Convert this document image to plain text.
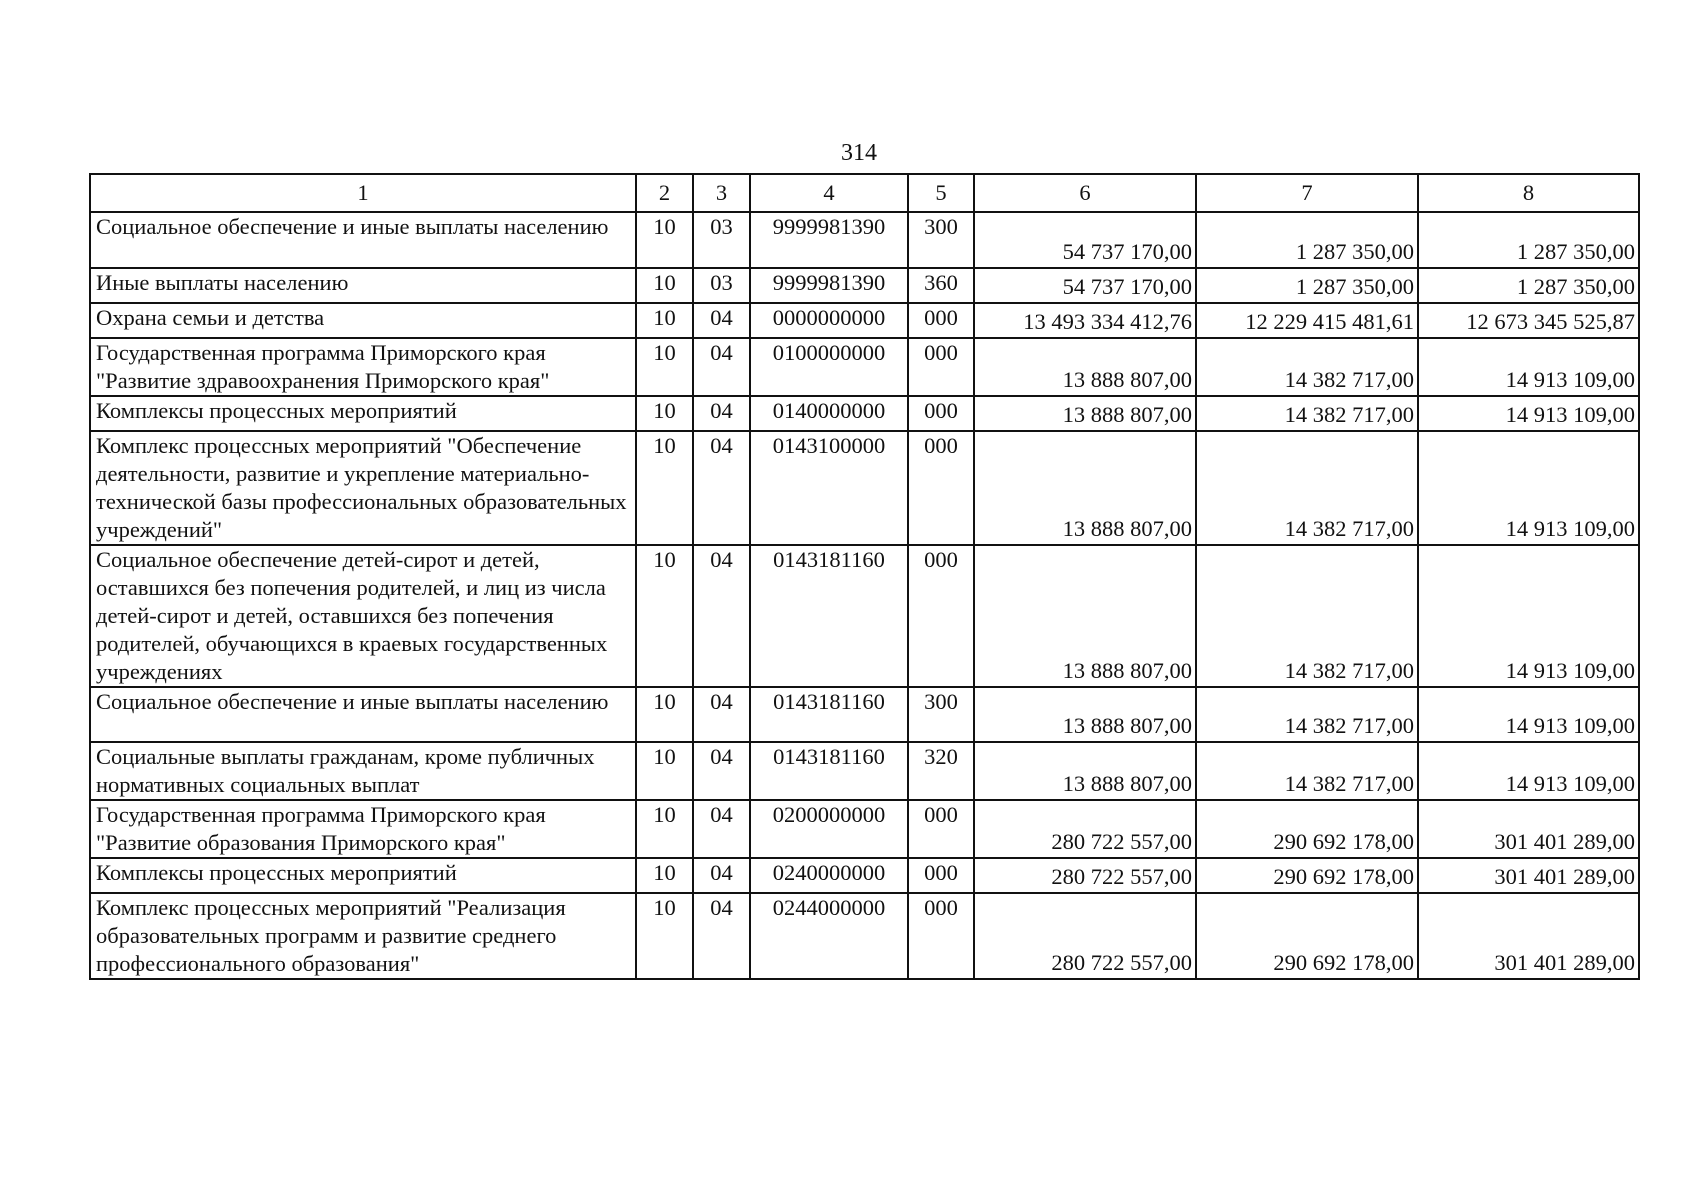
314
1	2	3	4	5	6	7	8
Социальное обеспечение и иные выплаты населению	10	03	9999981390	300	54 737 170,00	1 287 350,00	1 287 350,00
Иные выплаты населению	10	03	9999981390	360	54 737 170,00	1 287 350,00	1 287 350,00
Охрана семьи и детства	10	04	0000000000	000	13 493 334 412,76	12 229 415 481,61	12 673 345 525,87
Государственная программа Приморского края "Развитие здравоохранения Приморского края"	10	04	0100000000	000	13 888 807,00	14 382 717,00	14 913 109,00
Комплексы процессных мероприятий	10	04	0140000000	000	13 888 807,00	14 382 717,00	14 913 109,00
Комплекс процессных мероприятий "Обеспечение деятельности, развитие и укрепление материально-технической базы профессиональных образовательных учреждений"	10	04	0143100000	000	13 888 807,00	14 382 717,00	14 913 109,00
Социальное обеспечение детей-сирот и детей, оставшихся без попечения родителей, и лиц из числа детей-сирот и детей, оставшихся без попечения родителей, обучающихся в краевых государственных учреждениях	10	04	0143181160	000	13 888 807,00	14 382 717,00	14 913 109,00
Социальное обеспечение и иные выплаты населению	10	04	0143181160	300	13 888 807,00	14 382 717,00	14 913 109,00
Социальные выплаты гражданам, кроме публичных нормативных социальных выплат	10	04	0143181160	320	13 888 807,00	14 382 717,00	14 913 109,00
Государственная программа Приморского края "Развитие образования Приморского края"	10	04	0200000000	000	280 722 557,00	290 692 178,00	301 401 289,00
Комплексы процессных мероприятий	10	04	0240000000	000	280 722 557,00	290 692 178,00	301 401 289,00
Комплекс процессных мероприятий "Реализация образовательных программ и развитие среднего профессионального образования"	10	04	0244000000	000	280 722 557,00	290 692 178,00	301 401 289,00
